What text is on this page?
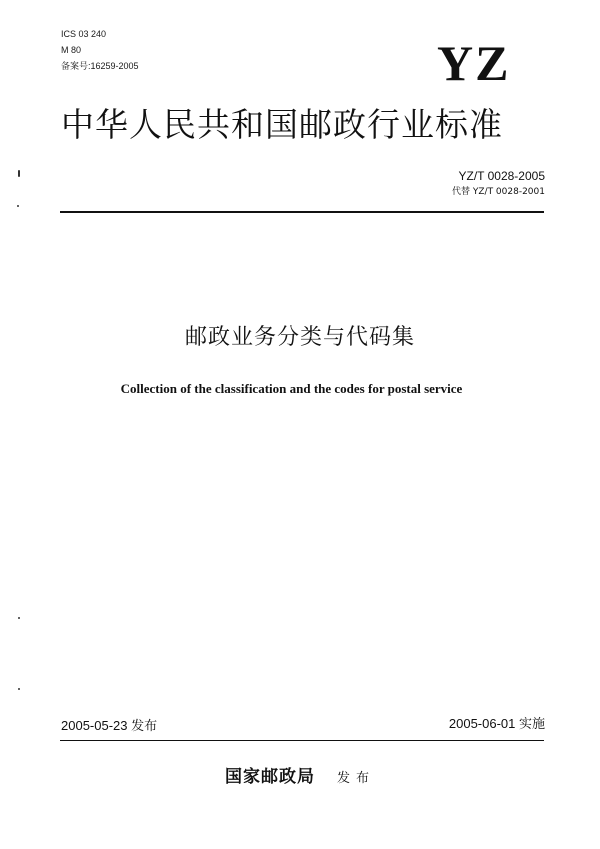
ICS 03 240
M 80
备案号:16259-2005	YZ
中华人民共和国邮政行业标准
YZ/T 0028-2005
代替 YZ/T 0028-2001
邮政业务分类与代码集
Collection of the classification and the codes for postal service
2005-05-23 发布	2005-06-01 实施
国家邮政局 发布
